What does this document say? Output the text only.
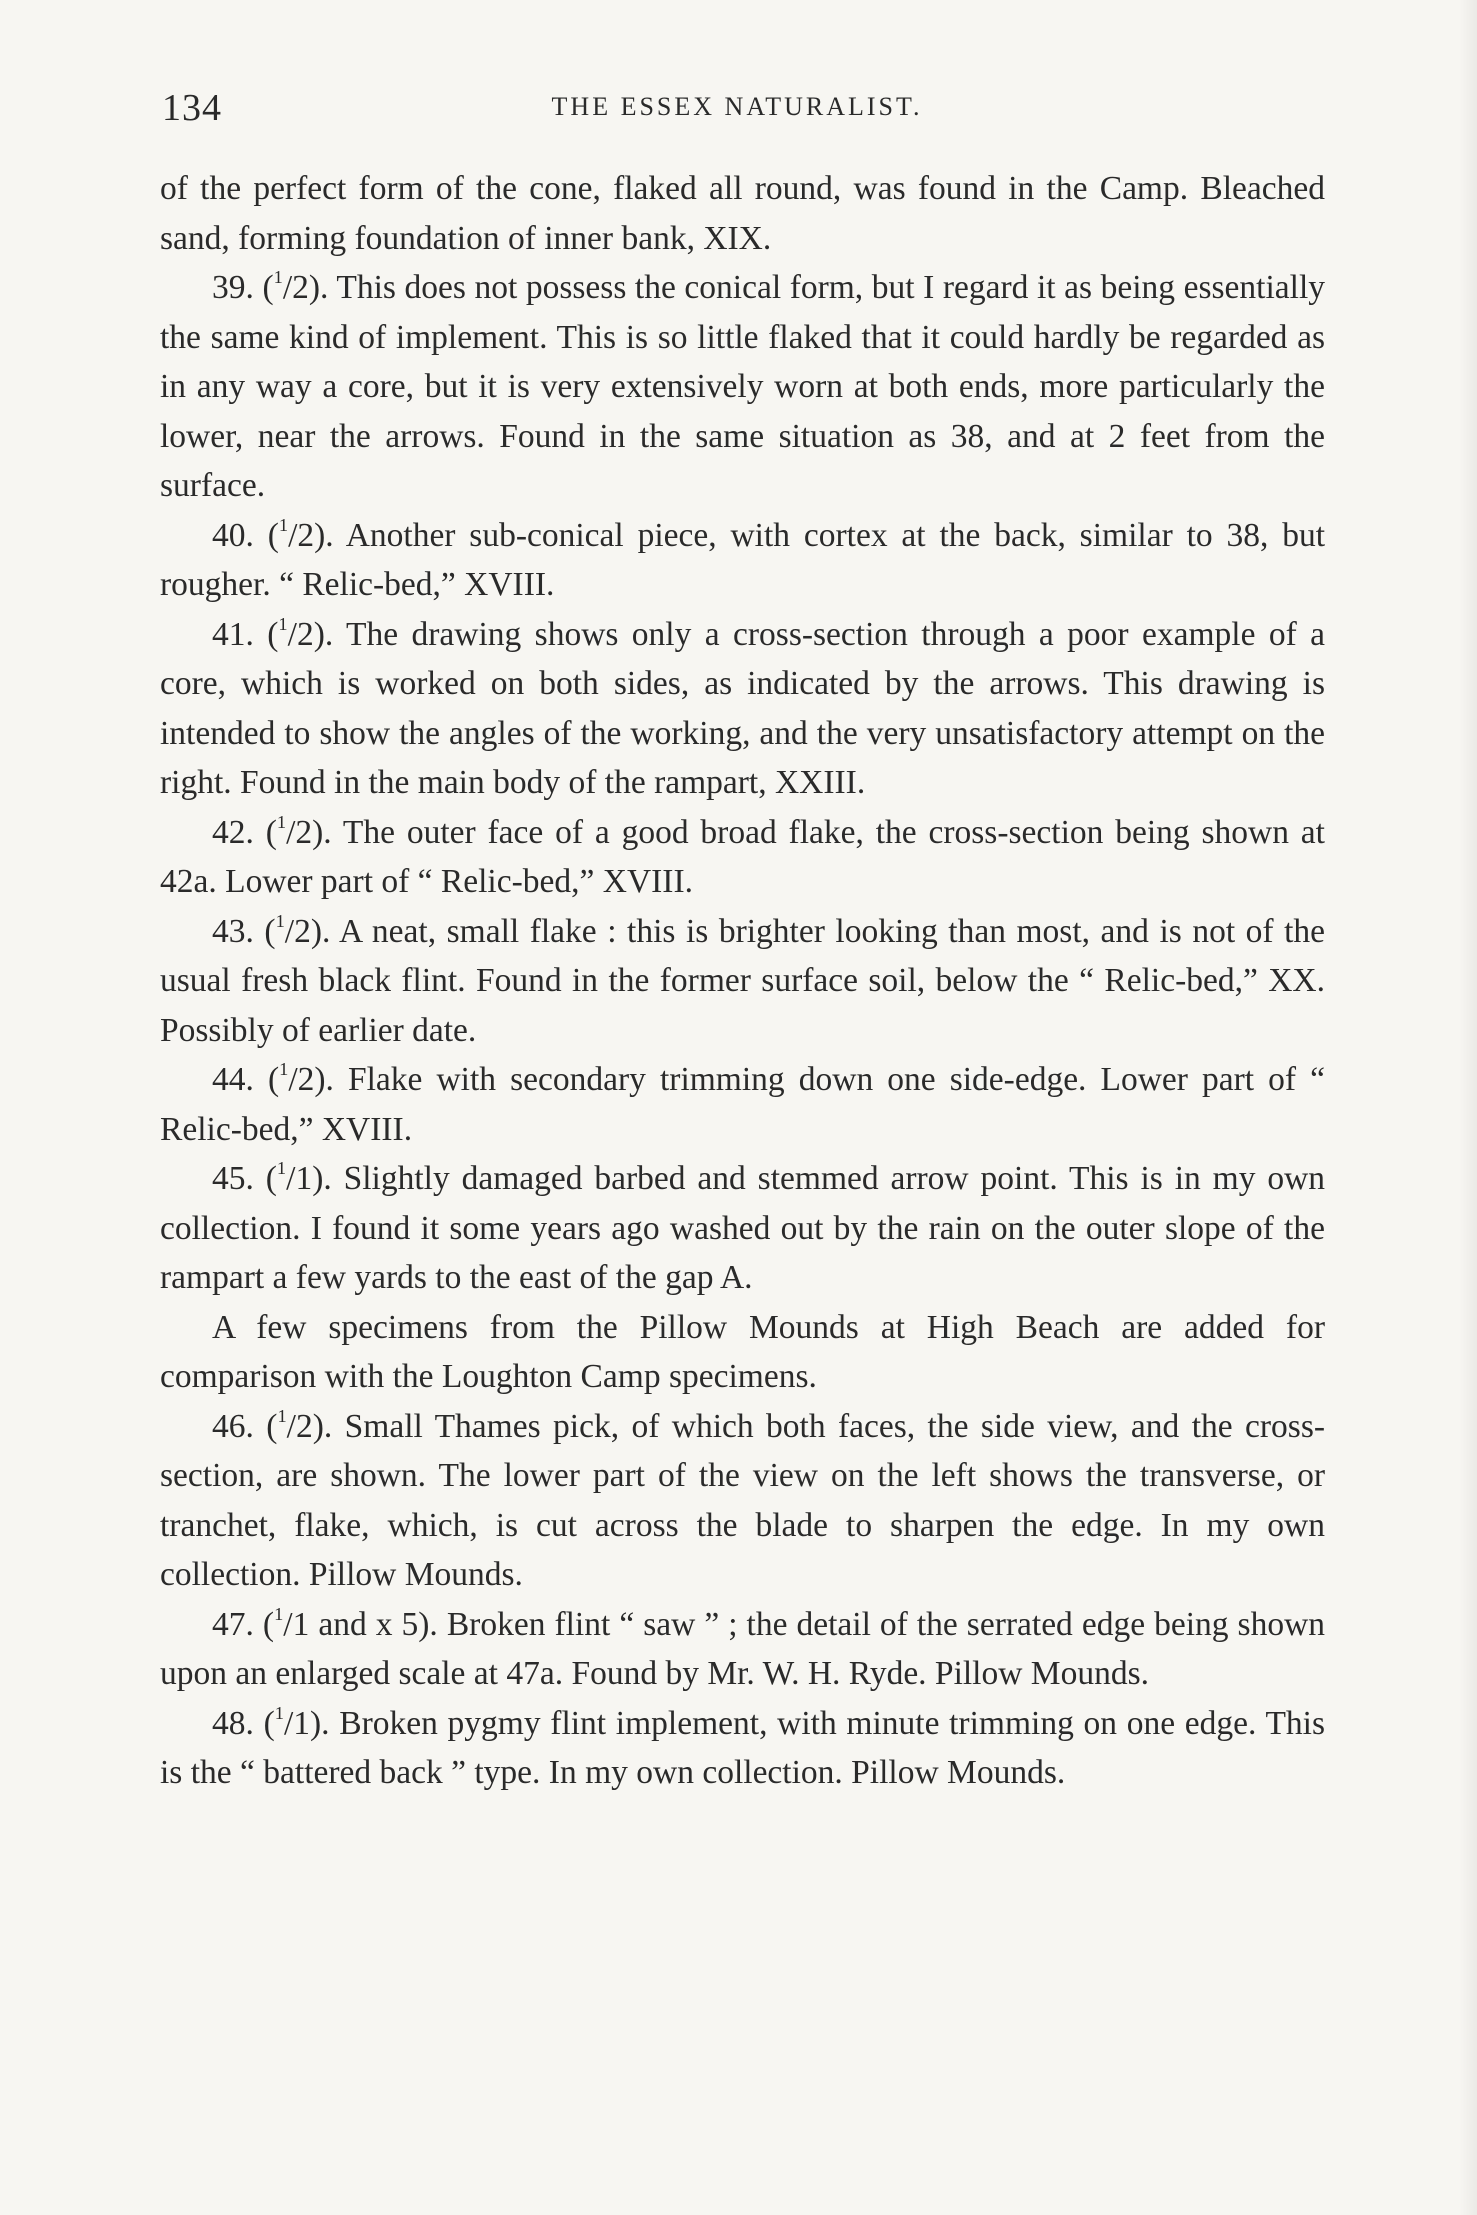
134	THE ESSEX NATURALIST.

of the perfect form of the cone, flaked all round, was found in the Camp. Bleached sand, forming foundation of inner bank, XIX.

39. ($^1$/2). This does not possess the conical form, but I regard it as being essentially the same kind of implement. This is so little flaked that it could hardly be regarded as in any way a core, but it is very extensively worn at both ends, more particularly the lower, near the arrows. Found in the same situation as 38, and at 2 feet from the surface.

40. ($^1$/2). Another sub-conical piece, with cortex at the back, similar to 38, but rougher. “ Relic-bed,” XVIII.

41. ($^1$/2). The drawing shows only a cross-section through a poor example of a core, which is worked on both sides, as indicated by the arrows. This drawing is intended to show the angles of the working, and the very unsatisfactory attempt on the right. Found in the main body of the rampart, XXIII.

42. ($^1$/2). The outer face of a good broad flake, the cross-section being shown at 42a. Lower part of “ Relic-bed,” XVIII.

43. ($^1$/2). A neat, small flake : this is brighter looking than most, and is not of the usual fresh black flint. Found in the former surface soil, below the “ Relic-bed,” XX. Possibly of earlier date.

44. ($^1$/2). Flake with secondary trimming down one side-edge. Lower part of “ Relic-bed,” XVIII.

45. ($^1$/1). Slightly damaged barbed and stemmed arrow point. This is in my own collection. I found it some years ago washed out by the rain on the outer slope of the rampart a few yards to the east of the gap A.

A few specimens from the Pillow Mounds at High Beach are added for comparison with the Loughton Camp specimens.

46. ($^1$/2). Small Thames pick, of which both faces, the side view, and the cross-section, are shown. The lower part of the view on the left shows the transverse, or tranchet, flake, which, is cut across the blade to sharpen the edge. In my own collection. Pillow Mounds.

47. ($^1$/1 and x 5). Broken flint “ saw ” ; the detail of the serrated edge being shown upon an enlarged scale at 47a. Found by Mr. W. H. Ryde. Pillow Mounds.

48. ($^1$/1). Broken pygmy flint implement, with minute trimming on one edge. This is the “ battered back ” type. In my own collection. Pillow Mounds.
